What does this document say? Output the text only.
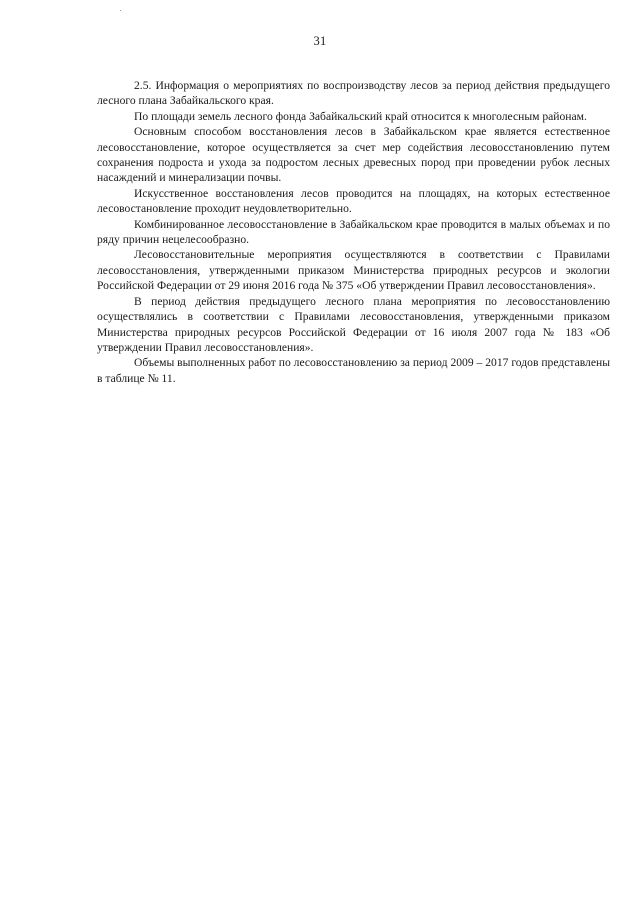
31

2.5. Информация о мероприятиях по воспроизводству лесов за период действия предыдущего лесного плана Забайкальского края.

По площади земель лесного фонда Забайкальский край относится к многолесным районам.

Основным способом восстановления лесов в Забайкальском крае является естественное лесовосстановление, которое осуществляется за счет мер содействия лесовосстановлению путем сохранения подроста и ухода за подростом лесных древесных пород при проведении рубок лесных насаждений и минерализации почвы.

Искусственное восстановления лесов проводится на площадях, на которых естественное лесовостановление проходит неудовлетворительно.

Комбинированное лесовосстановление в Забайкальском крае проводится в малых объемах и по ряду причин нецелесообразно.

Лесовосстановительные мероприятия осуществляются в соответствии с Правилами лесовосстановления, утвержденными приказом Министерства природных ресурсов и экологии Российской Федерации от 29 июня 2016 года № 375 «Об утверждении Правил лесовосстановления».

В период действия предыдущего лесного плана мероприятия по лесовосстановлению осуществлялись в соответствии с Правилами лесовосстановления, утвержденными приказом Министерства природных ресурсов Российской Федерации от 16 июля 2007 года № 183 «Об утверждении Правил лесовосстановления».

Объемы выполненных работ по лесовосстановлению за период 2009 – 2017 годов представлены в таблице № 11.
